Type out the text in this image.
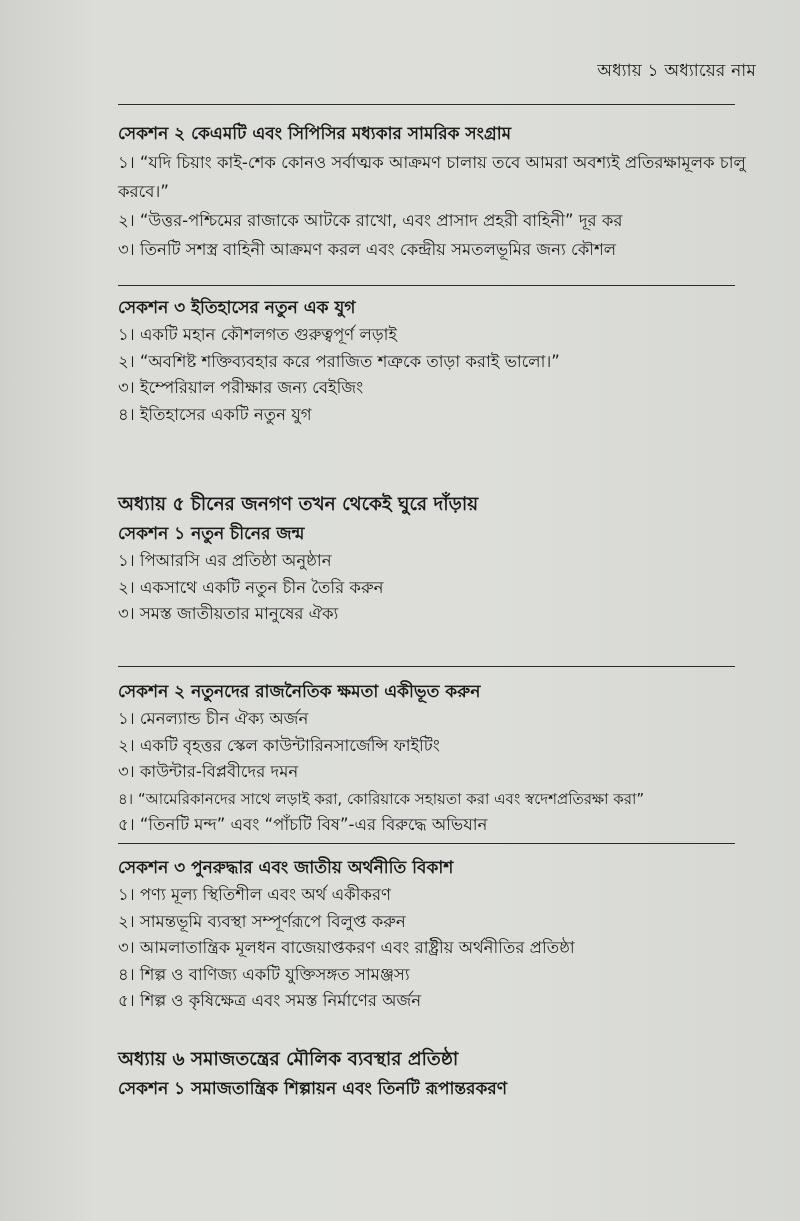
অধ্যায় ১ অধ্যায়ের নাম
সেকশন ২ কেএমটি এবং সিপিসির মধ্যকার সামরিক সংগ্রাম
১। “যদি চিয়াং কাই-শেক কোনও সর্বাত্মক আক্রমণ চালায় তবে আমরা অবশ্যই প্রতিরক্ষামূলক চালু করবে।”
২। “উত্তর-পশ্চিমের রাজাকে আটকে রাখো, এবং প্রাসাদ প্রহরী বাহিনী” দূর কর
৩। তিনটি সশস্ত্র বাহিনী আক্রমণ করল এবং কেন্দ্রীয় সমতলভূমির জন্য কৌশল
সেকশন ৩ ইতিহাসের নতুন এক যুগ
১। একটি মহান কৌশলগত গুরুত্বপূর্ণ লড়াই
২। “অবশিষ্ট শক্তিব্যবহার করে পরাজিত শত্রুকে তাড়া করাই ভালো।”
৩। ইম্পেরিয়াল পরীক্ষার জন্য বেইজিং
৪। ইতিহাসের একটি নতুন যুগ
অধ্যায় ৫ চীনের জনগণ তখন থেকেই ঘুরে দাঁড়ায়
সেকশন ১ নতুন চীনের জন্ম
১। পিআরসি এর প্রতিষ্ঠা অনুষ্ঠান
২। একসাথে একটি নতুন চীন তৈরি করুন
৩। সমস্ত জাতীয়তার মানুষের ঐক্য
সেকশন ২ নতুনদের রাজনৈতিক ক্ষমতা একীভূত করুন
১। মেনল্যান্ড চীন ঐক্য অর্জন
২। একটি বৃহত্তর স্কেল কাউন্টারিনসার্জেন্সি ফাইটিং
৩। কাউন্টার-বিপ্লবীদের দমন
৪। “আমেরিকানদের সাথে লড়াই করা, কোরিয়াকে সহায়তা করা এবং স্বদেশপ্রতিরক্ষা করা”
৫। “তিনটি মন্দ” এবং “পাঁচটি বিষ”-এর বিরুদ্ধে অভিযান
সেকশন ৩ পুনরুদ্ধার এবং জাতীয় অর্থনীতি বিকাশ
১। পণ্য মূল্য স্থিতিশীল এবং অর্থ একীকরণ
২। সামন্তভূমি ব্যবস্থা সম্পূর্ণরূপে বিলুপ্ত করুন
৩। আমলাতান্ত্রিক মূলধন বাজেয়াপ্তকরণ এবং রাষ্ট্রীয় অর্থনীতির প্রতিষ্ঠা
৪। শিল্প ও বাণিজ্য একটি যুক্তিসঙ্গত সামঞ্জস্য
৫। শিল্প ও কৃষিক্ষেত্র এবং সমস্ত নির্মাণের অর্জন
অধ্যায় ৬ সমাজতন্ত্রের মৌলিক ব্যবস্থার প্রতিষ্ঠা
সেকশন ১ সমাজতান্ত্রিক শিল্পায়ন এবং তিনটি রূপান্তরকরণ
